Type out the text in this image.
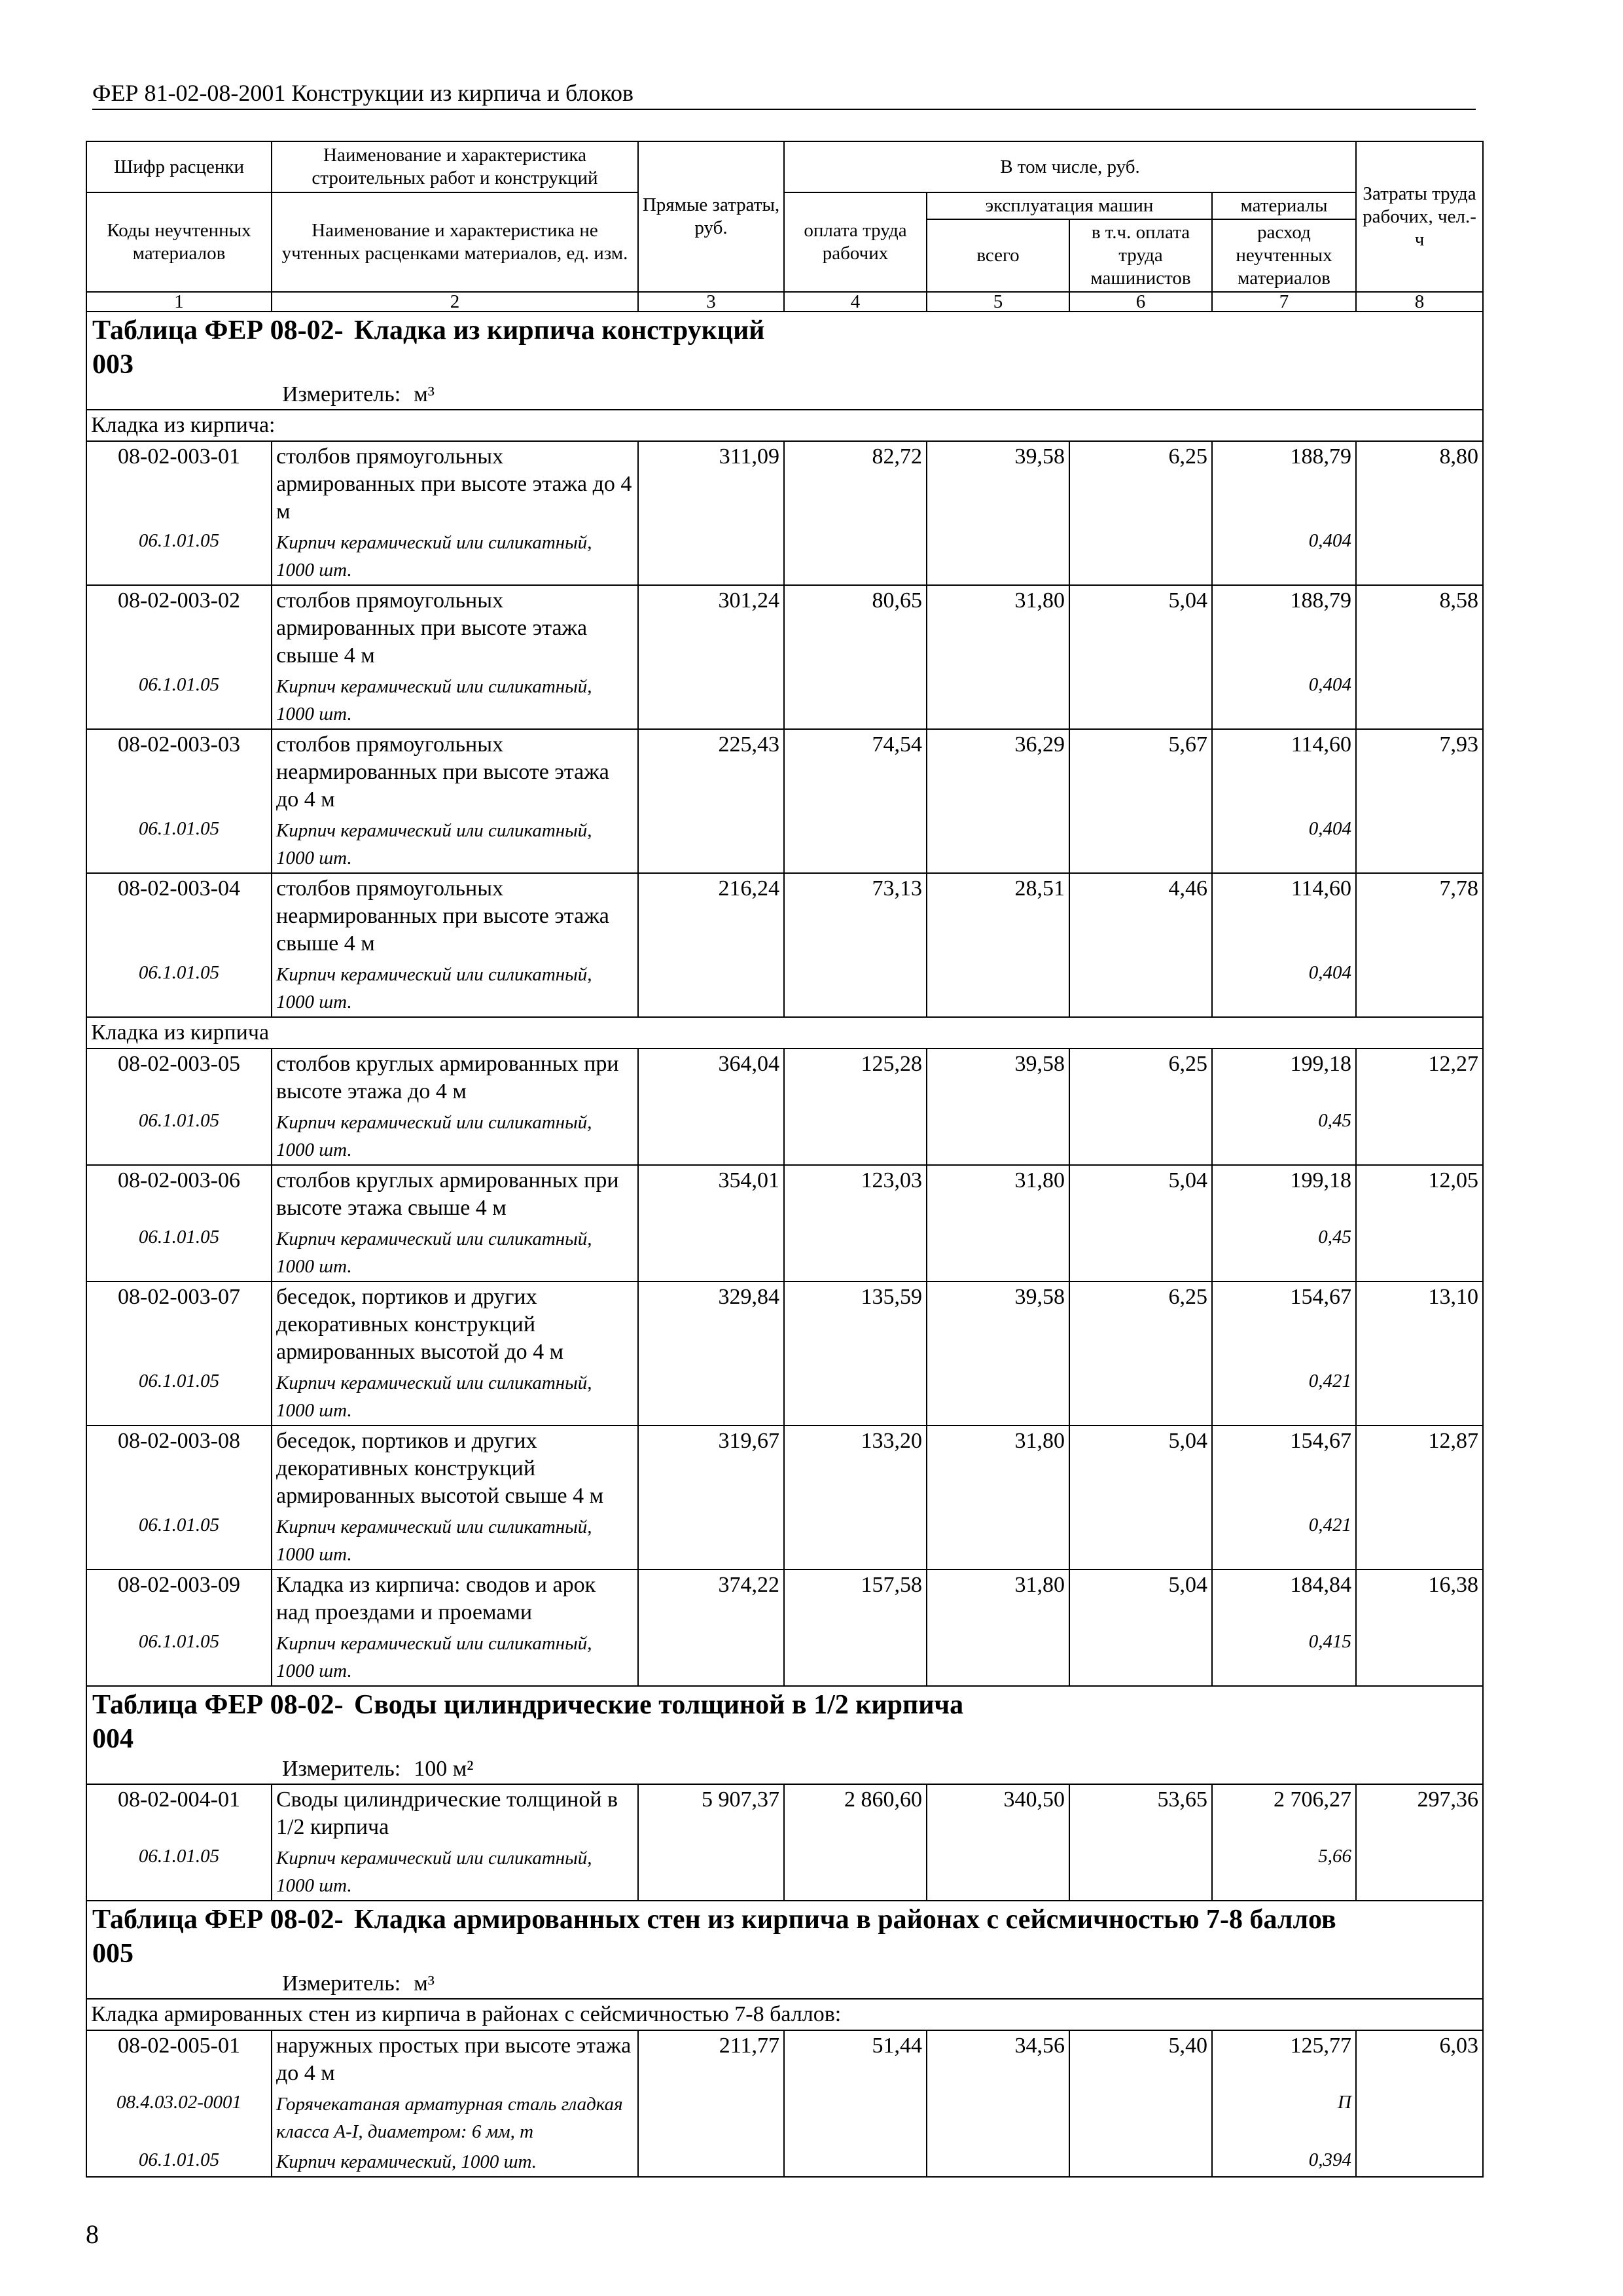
ФЕР 81-02-08-2001 Конструкции из кирпича и блоков
Шифр расценки	Наименование и характеристика строительных работ и конструкций	Прямые затраты, руб.	В том числе, руб.				Затраты труда рабочих, чел.-ч
Коды неучтенных материалов	Наименование и характеристика не учтенных расценками материалов, ед. изм.		оплата труда рабочих	эксплуатация машин		материалы	
				всего	в т.ч. оплата труда машинистов	расход неучтенных материалов	
1	2	3	4	5	6	7	8

Таблица ФЕР 08-02-003Кладка из кирпича конструкций
Измеритель: м³							

Кладка из кирпича:							
08-02-003-01	столбов прямоугольных армированных при высоте этажа до 4 м	311,09	82,72	39,58	6,25	188,79	8,80

06.1.01.05	Кирпич керамический или силикатный, 1000 шт.					0,404	

08-02-003-02	столбов прямоугольных армированных при высоте этажа свыше 4 м	301,24	80,65	31,80	5,04	188,79	8,58

06.1.01.05	Кирпич керамический или силикатный, 1000 шт.					0,404	

08-02-003-03	столбов прямоугольных неармированных при высоте этажа до 4 м	225,43	74,54	36,29	5,67	114,60	7,93

06.1.01.05	Кирпич керамический или силикатный, 1000 шт.					0,404	

08-02-003-04	столбов прямоугольных неармированных при высоте этажа свыше 4 м	216,24	73,13	28,51	4,46	114,60	7,78

06.1.01.05	Кирпич керамический или силикатный, 1000 шт.					0,404	

Кладка из кирпича							
08-02-003-05	столбов круглых армированных при высоте этажа до 4 м	364,04	125,28	39,58	6,25	199,18	12,27

06.1.01.05	Кирпич керамический или силикатный, 1000 шт.					0,45	

08-02-003-06	столбов круглых армированных при высоте этажа свыше 4 м	354,01	123,03	31,80	5,04	199,18	12,05

06.1.01.05	Кирпич керамический или силикатный, 1000 шт.					0,45	

08-02-003-07	беседок, портиков и других декоративных конструкций армированных высотой до 4 м	329,84	135,59	39,58	6,25	154,67	13,10

06.1.01.05	Кирпич керамический или силикатный, 1000 шт.					0,421	

08-02-003-08	беседок, портиков и других декоративных конструкций армированных высотой свыше 4 м	319,67	133,20	31,80	5,04	154,67	12,87

06.1.01.05	Кирпич керамический или силикатный, 1000 шт.					0,421	

08-02-003-09	Кладка из кирпича: сводов и арок над проездами и проемами	374,22	157,58	31,80	5,04	184,84	16,38

06.1.01.05	Кирпич керамический или силикатный, 1000 шт.					0,415	

Таблица ФЕР 08-02-004Своды цилиндрические толщиной в 1/2 кирпича
Измеритель: 100 м²							

08-02-004-01	Своды цилиндрические толщиной в 1/2 кирпича	5 907,37	2 860,60	340,50	53,65	2 706,27	297,36

06.1.01.05	Кирпич керамический или силикатный, 1000 шт.					5,66	

Таблица ФЕР 08-02-005Кладка армированных стен из кирпича в районах с сейсмичностью 7-8 баллов
Измеритель: м³							

Кладка армированных стен из кирпича в районах с сейсмичностью 7-8 баллов:							
08-02-005-01	наружных простых при высоте этажа до 4 м	211,77	51,44	34,56	5,40	125,77	6,03

08.4.03.02-0001	Горячекатаная арматурная сталь гладкая класса А-I, диаметром: 6 мм, т					П	

06.1.01.05	Кирпич керамический, 1000 шт.					0,394	
8
